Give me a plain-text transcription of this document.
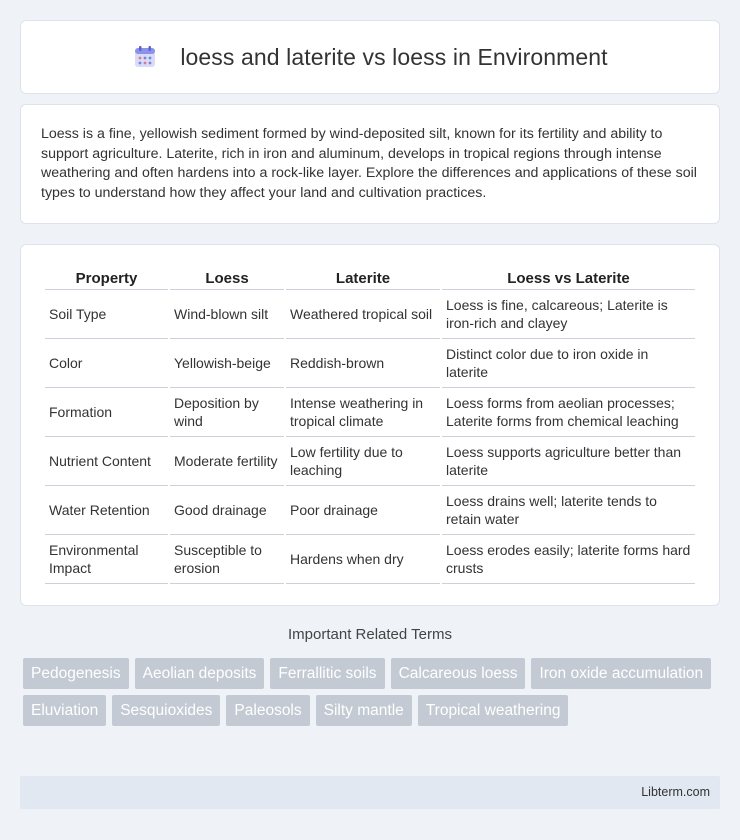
loess and laterite vs loess in Environment

Loess is a fine, yellowish sediment formed by wind-deposited silt, known for its fertility and ability to support agriculture. Laterite, rich in iron and aluminum, develops in tropical regions through intense weathering and often hardens into a rock-like layer. Explore the differences and applications of these soil types to understand how they affect your land and cultivation practices.

Property	Loess	Laterite	Loess vs Laterite
Soil Type	Wind-blown silt	Weathered tropical soil	Loess is fine, calcareous; Laterite is iron-rich and clayey
Color	Yellowish-beige	Reddish-brown	Distinct color due to iron oxide in laterite
Formation	Deposition by wind	Intense weathering in tropical climate	Loess forms from aeolian processes; Laterite forms from chemical leaching
Nutrient Content	Moderate fertility	Low fertility due to leaching	Loess supports agriculture better than laterite
Water Retention	Good drainage	Poor drainage	Loess drains well; laterite tends to retain water
Environmental Impact	Susceptible to erosion	Hardens when dry	Loess erodes easily; laterite forms hard crusts
Important Related Terms
Pedogenesis	Aeolian deposits	Ferrallitic soils	Calcareous loess	Iron oxide accumulation
Eluviation	Sesquioxides	Paleosols	Silty mantle	Tropical weathering
Libterm.com
